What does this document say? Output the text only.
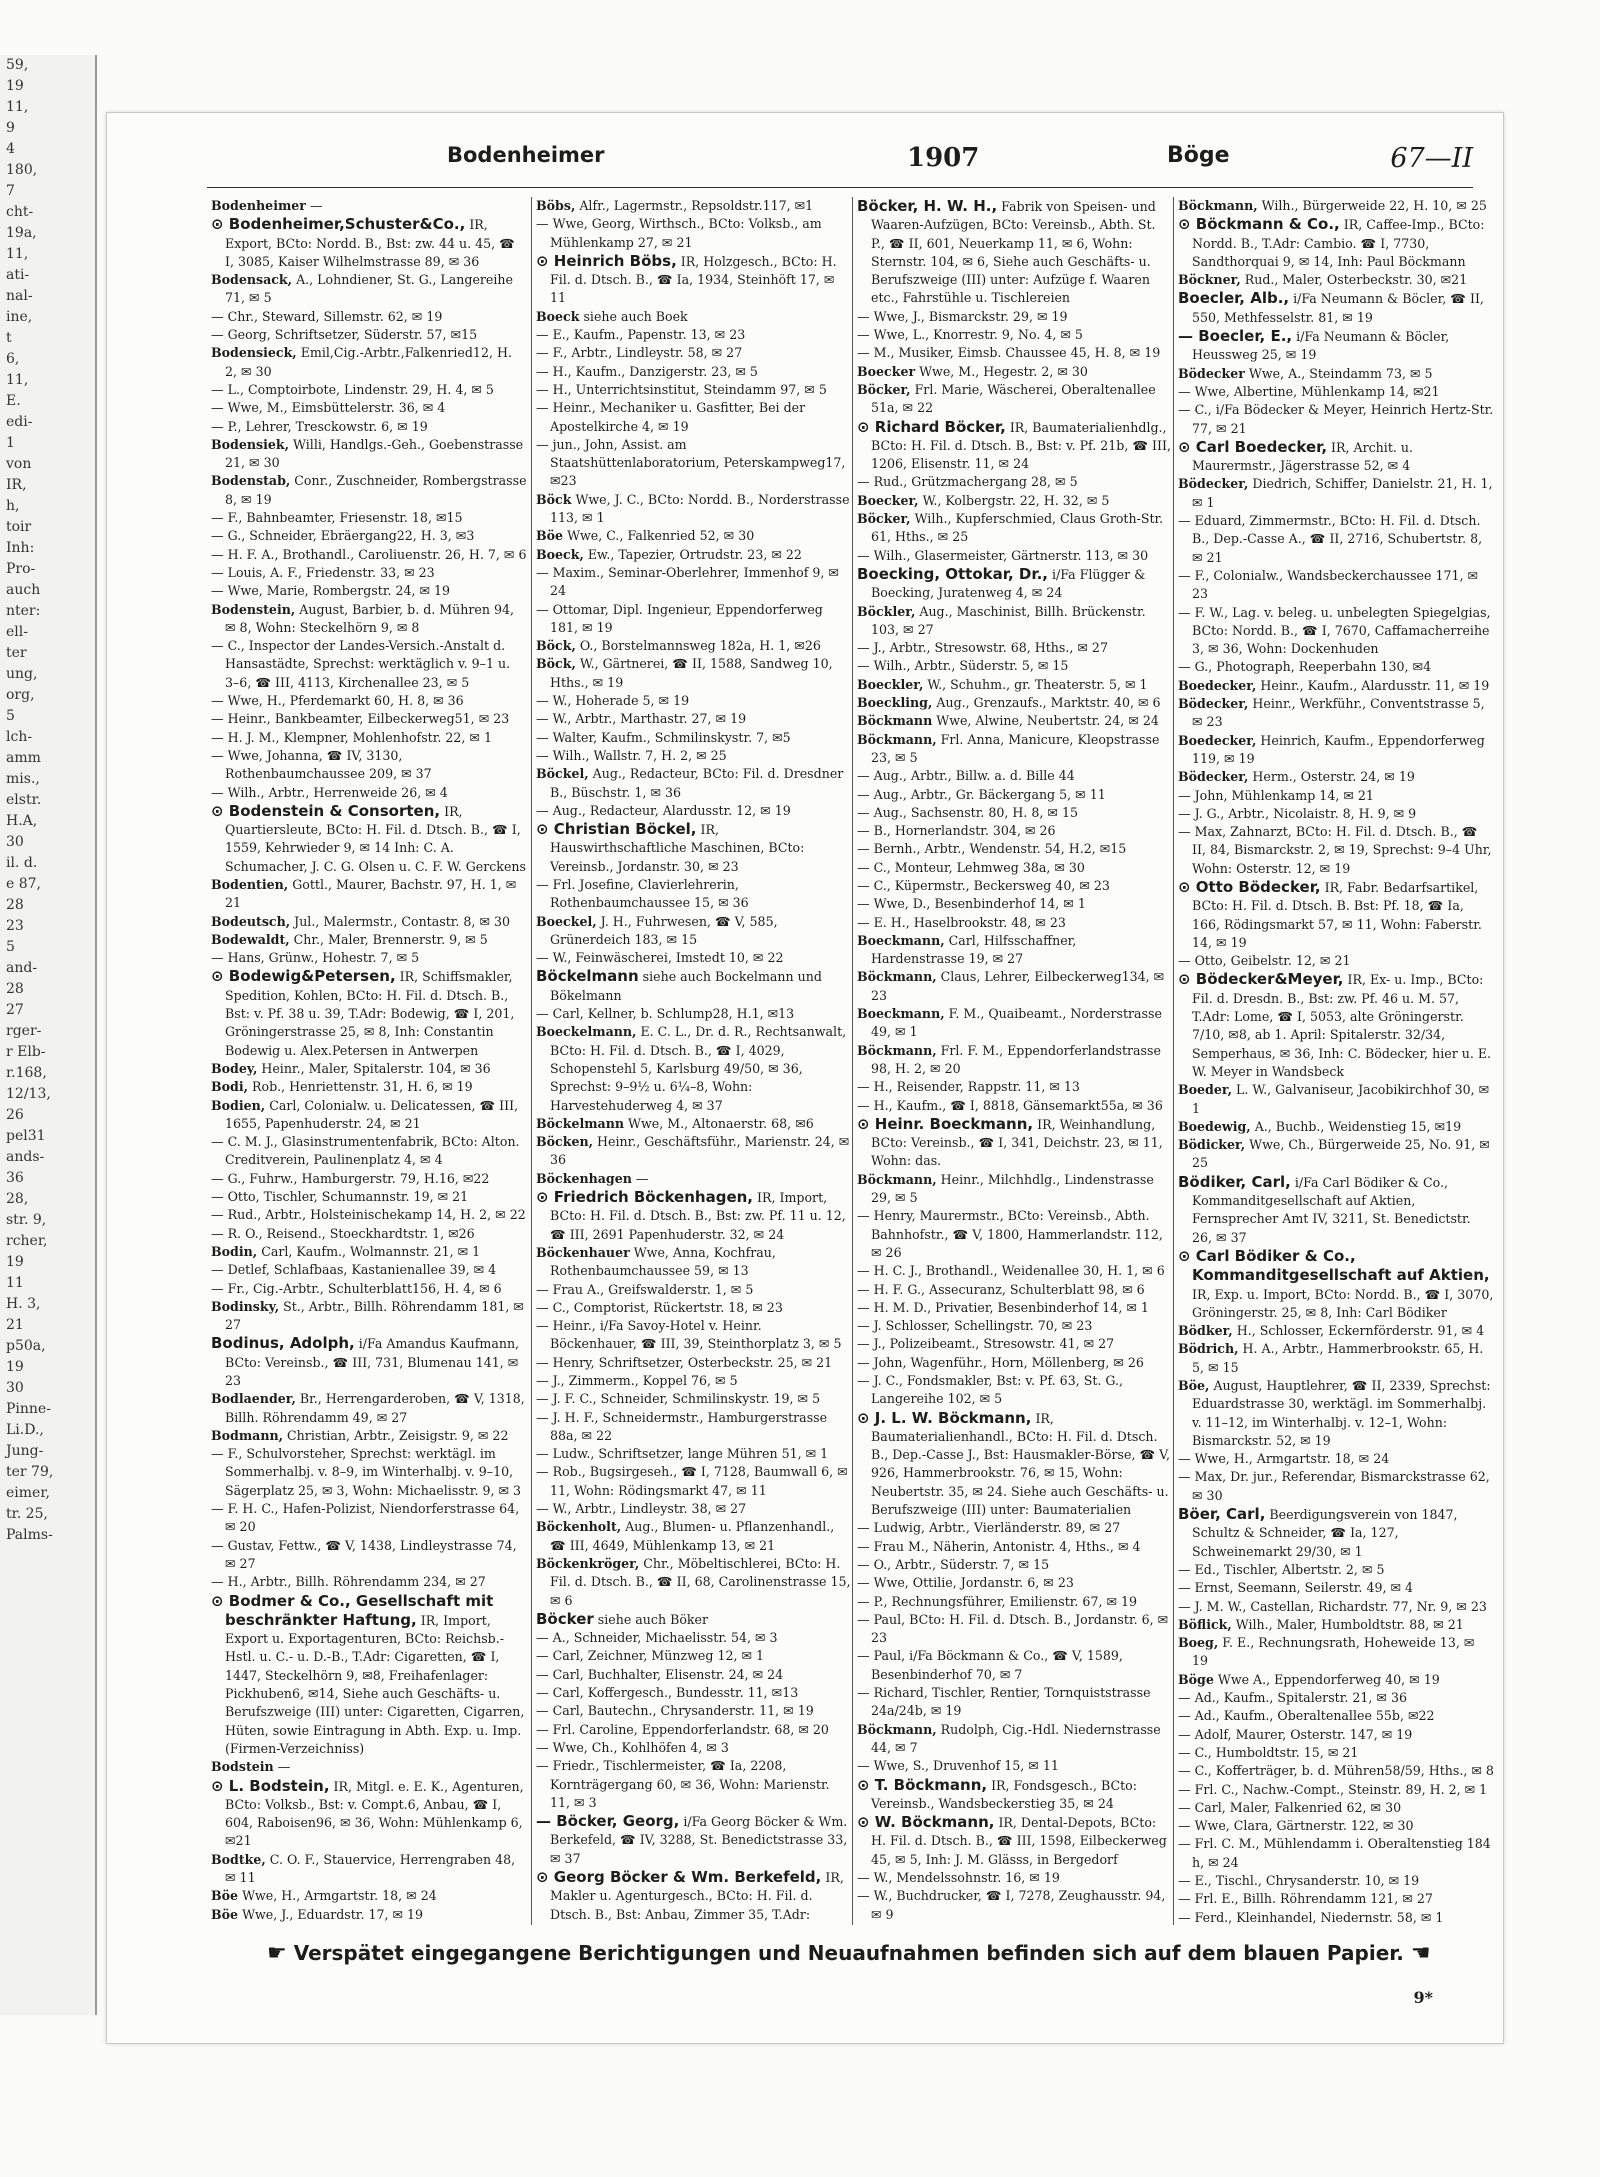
59,
19
11,
9
4
180,
7
cht-
19a,
11,
ati-
nal-
ine,
t
6,
11,
E.
edi-
1
von
IR,
h,
toir
Inh:
Pro-
auch
nter:
ell-
ter
ung,
org,
5
lch-
amm
mis.,
elstr.
H.A,
30
il. d.
e 87,
28
23
5
and-
28
27
rger-
r Elb-
r.168,
12/13,
26
pel31
ands-
36
28,
str. 9,
rcher,
19
11
H. 3,
21
p50a,
19
30
Pinne-
Li.D.,
Jung-
ter 79,
eimer,
tr. 25,
Palms-
Bodenheimer	1907	Böge	67—II
Bodenheimer —
⊙ Bodenheimer,Schuster&Co., IR, Export, BCto: Nordd. B., Bst: zw. 44 u. 45, ☎ I, 3085, Kaiser Wilhelmstrasse 89, ✉ 36
Bodensack, A., Lohndiener, St. G., Langereihe 71, ✉ 5
— Chr., Steward, Sillemstr. 62, ✉ 19
— Georg, Schriftsetzer, Süderstr. 57, ✉15
Bodensieck, Emil,Cig.-Arbtr.,Falkenried12, H. 2, ✉ 30
— L., Comptoirbote, Lindenstr. 29, H. 4, ✉ 5
— Wwe, M., Eimsbüttelerstr. 36, ✉ 4
— P., Lehrer, Tresckowstr. 6, ✉ 19
Bodensiek, Willi, Handlgs.-Geh., Goebenstrasse 21, ✉ 30
Bodenstab, Conr., Zuschneider, Rombergstrasse 8, ✉ 19
— F., Bahnbeamter, Friesenstr. 18, ✉15
— G., Schneider, Ebräergang22, H. 3, ✉3
— H. F. A., Brothandl., Caroliuenstr. 26, H. 7, ✉ 6
— Louis, A. F., Friedenstr. 33, ✉ 23
— Wwe, Marie, Rombergstr. 24, ✉ 19
Bodenstein, August, Barbier, b. d. Mühren 94, ✉ 8, Wohn: Steckelhörn 9, ✉ 8
— C., Inspector der Landes-Versich.-Anstalt d. Hansastädte, Sprechst: werktäglich v. 9–1 u. 3–6, ☎ III, 4113, Kirchenallee 23, ✉ 5
— Wwe, H., Pferdemarkt 60, H. 8, ✉ 36
— Heinr., Bankbeamter, Eilbeckerweg51, ✉ 23
— H. J. M., Klempner, Mohlenhofstr. 22, ✉ 1
— Wwe, Johanna, ☎ IV, 3130, Rothenbaumchaussee 209, ✉ 37
— Wilh., Arbtr., Herrenweide 26, ✉ 4
⊙ Bodenstein & Consorten, IR, Quartiersleute, BCto: H. Fil. d. Dtsch. B., ☎ I, 1559, Kehrwieder 9, ✉ 14 Inh: C. A. Schumacher, J. C. G. Olsen u. C. F. W. Gerckens
Bodentien, Gottl., Maurer, Bachstr. 97, H. 1, ✉ 21
Bodeutsch, Jul., Malermstr., Contastr. 8, ✉ 30
Bodewaldt, Chr., Maler, Brennerstr. 9, ✉ 5
— Hans, Grünw., Hohestr. 7, ✉ 5
⊙ Bodewig&Petersen, IR, Schiffsmakler, Spedition, Kohlen, BCto: H. Fil. d. Dtsch. B., Bst: v. Pf. 38 u. 39, T.Adr: Bodewig, ☎ I, 201, Gröningerstrasse 25, ✉ 8, Inh: Constantin Bodewig u. Alex.Petersen in Antwerpen
Bodey, Heinr., Maler, Spitalerstr. 104, ✉ 36
Bodi, Rob., Henriettenstr. 31, H. 6, ✉ 19
Bodien, Carl, Colonialw. u. Delicatessen, ☎ III, 1655, Papenhuderstr. 24, ✉ 21
— C. M. J., Glasinstrumentenfabrik, BCto: Alton. Creditverein, Paulinenplatz 4, ✉ 4
— G., Fuhrw., Hamburgerstr. 79, H.16, ✉22
— Otto, Tischler, Schumannstr. 19, ✉ 21
— Rud., Arbtr., Holsteinischekamp 14, H. 2, ✉ 22
— R. O., Reisend., Stoeckhardtstr. 1, ✉26
Bodin, Carl, Kaufm., Wolmannstr. 21, ✉ 1
— Detlef, Schlafbaas, Kastanienallee 39, ✉ 4
— Fr., Cig.-Arbtr., Schulterblatt156, H. 4, ✉ 6
Bodinsky, St., Arbtr., Billh. Röhrendamm 181, ✉ 27
Bodinus, Adolph, i/Fa Amandus Kaufmann, BCto: Vereinsb., ☎ III, 731, Blumenau 141, ✉ 23
Bodlaender, Br., Herrengarderoben, ☎ V, 1318, Billh. Röhrendamm 49, ✉ 27
Bodmann, Christian, Arbtr., Zeisigstr. 9, ✉ 22
— F., Schulvorsteher, Sprechst: werktägl. im Sommerhalbj. v. 8–9, im Winterhalbj. v. 9–10, Sägerplatz 25, ✉ 3, Wohn: Michaelisstr. 9, ✉ 3
— F. H. C., Hafen-Polizist, Niendorferstrasse 64, ✉ 20
— Gustav, Fettw., ☎ V, 1438, Lindleystrasse 74, ✉ 27
— H., Arbtr., Billh. Röhrendamm 234, ✉ 27
⊙ Bodmer & Co., Gesellschaft mit beschränkter Haftung, IR, Import, Export u. Exportagenturen, BCto: Reichsb.-Hstl. u. C.- u. D.-B., T.Adr: Cigaretten, ☎ I, 1447, Steckelhörn 9, ✉8, Freihafenlager: Pickhuben6, ✉14, Siehe auch Geschäfts- u. Berufszweige (III) unter: Cigaretten, Cigarren, Hüten, sowie Eintragung in Abth. Exp. u. Imp. (Firmen-Verzeichniss)
Bodstein —
⊙ L. Bodstein, IR, Mitgl. e. E. K., Agenturen, BCto: Volksb., Bst: v. Compt.6, Anbau, ☎ I, 604, Raboisen96, ✉ 36, Wohn: Mühlenkamp 6, ✉21
Bodtke, C. O. F., Stauervice, Herrengraben 48, ✉ 11
Böe Wwe, H., Armgartstr. 18, ✉ 24
Böe Wwe, J., Eduardstr. 17, ✉ 19
Böbs, Alfr., Lagermstr., Repsoldstr.117, ✉1
— Wwe, Georg, Wirthsch., BCto: Volksb., am Mühlenkamp 27, ✉ 21
⊙ Heinrich Böbs, IR, Holzgesch., BCto: H. Fil. d. Dtsch. B., ☎ Ia, 1934, Steinhöft 17, ✉ 11
Boeck siehe auch Boek
— E., Kaufm., Papenstr. 13, ✉ 23
— F., Arbtr., Lindleystr. 58, ✉ 27
— H., Kaufm., Danzigerstr. 23, ✉ 5
— H., Unterrichtsinstitut, Steindamm 97, ✉ 5
— Heinr., Mechaniker u. Gasfitter, Bei der Apostelkirche 4, ✉ 19
— jun., John, Assist. am Staatshüttenlaboratorium, Peterskampweg17, ✉23
Böck Wwe, J. C., BCto: Nordd. B., Norderstrasse 113, ✉ 1
Böe Wwe, C., Falkenried 52, ✉ 30
Boeck, Ew., Tapezier, Ortrudstr. 23, ✉ 22
— Maxim., Seminar-Oberlehrer, Immenhof 9, ✉ 24
— Ottomar, Dipl. Ingenieur, Eppendorferweg 181, ✉ 19
Böck, O., Borstelmannsweg 182a, H. 1, ✉26
Böck, W., Gärtnerei, ☎ II, 1588, Sandweg 10, Hths., ✉ 19
— W., Hoherade 5, ✉ 19
— W., Arbtr., Marthastr. 27, ✉ 19
— Walter, Kaufm., Schmilinskystr. 7, ✉5
— Wilh., Wallstr. 7, H. 2, ✉ 25
Böckel, Aug., Redacteur, BCto: Fil. d. Dresdner B., Büschstr. 1, ✉ 36
— Aug., Redacteur, Alardusstr. 12, ✉ 19
⊙ Christian Böckel, IR, Hauswirthschaftliche Maschinen, BCto: Vereinsb., Jordanstr. 30, ✉ 23
— Frl. Josefine, Clavierlehrerin, Rothenbaumchaussee 15, ✉ 36
Boeckel, J. H., Fuhrwesen, ☎ V, 585, Grünerdeich 183, ✉ 15
— W., Feinwäscherei, Imstedt 10, ✉ 22
Böckelmann siehe auch Bockelmann und Bökelmann
— Carl, Kellner, b. Schlump28, H.1, ✉13
Boeckelmann, E. C. L., Dr. d. R., Rechtsanwalt, BCto: H. Fil. d. Dtsch. B., ☎ I, 4029, Schopenstehl 5, Karlsburg 49/50, ✉ 36, Sprechst: 9–9½ u. 6¼–8, Wohn: Harvestehuderweg 4, ✉ 37
Böckelmann Wwe, M., Altonaerstr. 68, ✉6
Böcken, Heinr., Geschäftsführ., Marienstr. 24, ✉ 36
Böckenhagen —
⊙ Friedrich Böckenhagen, IR, Import, BCto: H. Fil. d. Dtsch. B., Bst: zw. Pf. 11 u. 12, ☎ III, 2691 Papenhuderstr. 32, ✉ 24
Böckenhauer Wwe, Anna, Kochfrau, Rothenbaumchaussee 59, ✉ 13
— Frau A., Greifswalderstr. 1, ✉ 5
— C., Comptorist, Rückertstr. 18, ✉ 23
— Heinr., i/Fa Savoy-Hotel v. Heinr. Böckenhauer, ☎ III, 39, Steinthorplatz 3, ✉ 5
— Henry, Schriftsetzer, Osterbeckstr. 25, ✉ 21
— J., Zimmerm., Koppel 76, ✉ 5
— J. F. C., Schneider, Schmilinskystr. 19, ✉ 5
— J. H. F., Schneidermstr., Hamburgerstrasse 88a, ✉ 22
— Ludw., Schriftsetzer, lange Mühren 51, ✉ 1
— Rob., Bugsirgeseh., ☎ I, 7128, Baumwall 6, ✉ 11, Wohn: Rödingsmarkt 47, ✉ 11
— W., Arbtr., Lindleystr. 38, ✉ 27
Böckenholt, Aug., Blumen- u. Pflanzenhandl., ☎ III, 4649, Mühlenkamp 13, ✉ 21
Böckenkröger, Chr., Möbeltischlerei, BCto: H. Fil. d. Dtsch. B., ☎ II, 68, Carolinenstrasse 15, ✉ 6
Böcker siehe auch Böker
— A., Schneider, Michaelisstr. 54, ✉ 3
— Carl, Zeichner, Münzweg 12, ✉ 1
— Carl, Buchhalter, Elisenstr. 24, ✉ 24
— Carl, Koffergesch., Bundesstr. 11, ✉13
— Carl, Bautechn., Chrysanderstr. 11, ✉ 19
— Frl. Caroline, Eppendorferlandstr. 68, ✉ 20
— Wwe, Ch., Kohlhöfen 4, ✉ 3
— Friedr., Tischlermeister, ☎ Ia, 2208, Kornträgergang 60, ✉ 36, Wohn: Marienstr. 11, ✉ 3
— Böcker, Georg, i/Fa Georg Böcker & Wm. Berkefeld, ☎ IV, 3288, St. Benedictstrasse 33, ✉ 37
⊙ Georg Böcker & Wm. Berkefeld, IR, Makler u. Agenturgesch., BCto: H. Fil. d. Dtsch. B., Bst: Anbau, Zimmer 35, T.Adr:
Böcker, H. W. H., Fabrik von Speisen- und Waaren-Aufzügen, BCto: Vereinsb., Abth. St. P., ☎ II, 601, Neuerkamp 11, ✉ 6, Wohn: Sternstr. 104, ✉ 6, Siehe auch Geschäfts- u. Berufszweige (III) unter: Aufzüge f. Waaren etc., Fahrstühle u. Tischlereien
— Wwe, J., Bismarckstr. 29, ✉ 19
— Wwe, L., Knorrestr. 9, No. 4, ✉ 5
— M., Musiker, Eimsb. Chaussee 45, H. 8, ✉ 19
Boecker Wwe, M., Hegestr. 2, ✉ 30
Böcker, Frl. Marie, Wäscherei, Oberaltenallee 51a, ✉ 22
⊙ Richard Böcker, IR, Baumaterialienhdlg., BCto: H. Fil. d. Dtsch. B., Bst: v. Pf. 21b, ☎ III, 1206, Elisenstr. 11, ✉ 24
— Rud., Grützmachergang 28, ✉ 5
Boecker, W., Kolbergstr. 22, H. 32, ✉ 5
Böcker, Wilh., Kupferschmied, Claus Groth-Str. 61, Hths., ✉ 25
— Wilh., Glasermeister, Gärtnerstr. 113, ✉ 30
Boecking, Ottokar, Dr., i/Fa Flügger & Boecking, Juratenweg 4, ✉ 24
Böckler, Aug., Maschinist, Billh. Brückenstr. 103, ✉ 27
— J., Arbtr., Stresowstr. 68, Hths., ✉ 27
— Wilh., Arbtr., Süderstr. 5, ✉ 15
Boeckler, W., Schuhm., gr. Theaterstr. 5, ✉ 1
Boeckling, Aug., Grenzaufs., Marktstr. 40, ✉ 6
Böckmann Wwe, Alwine, Neubertstr. 24, ✉ 24
Böckmann, Frl. Anna, Manicure, Kleopstrasse 23, ✉ 5
— Aug., Arbtr., Billw. a. d. Bille 44
— Aug., Arbtr., Gr. Bäckergang 5, ✉ 11
— Aug., Sachsenstr. 80, H. 8, ✉ 15
— B., Hornerlandstr. 304, ✉ 26
— Bernh., Arbtr., Wendenstr. 54, H.2, ✉15
— C., Monteur, Lehmweg 38a, ✉ 30
— C., Küpermstr., Beckersweg 40, ✉ 23
— Wwe, D., Besenbinderhof 14, ✉ 1
— E. H., Haselbrookstr. 48, ✉ 23
Boeckmann, Carl, Hilfsschaffner, Hardenstrasse 19, ✉ 27
Böckmann, Claus, Lehrer, Eilbeckerweg134, ✉ 23
Boeckmann, F. M., Quaibeamt., Norderstrasse 49, ✉ 1
Böckmann, Frl. F. M., Eppendorferlandstrasse 98, H. 2, ✉ 20
— H., Reisender, Rappstr. 11, ✉ 13
— H., Kaufm., ☎ I, 8818, Gänsemarkt55a, ✉ 36
⊙ Heinr. Boeckmann, IR, Weinhandlung, BCto: Vereinsb., ☎ I, 341, Deichstr. 23, ✉ 11, Wohn: das.
Böckmann, Heinr., Milchhdlg., Lindenstrasse 29, ✉ 5
— Henry, Maurermstr., BCto: Vereinsb., Abth. Bahnhofstr., ☎ V, 1800, Hammerlandstr. 112, ✉ 26
— H. C. J., Brothandl., Weidenallee 30, H. 1, ✉ 6
— H. F. G., Assecuranz, Schulterblatt 98, ✉ 6
— H. M. D., Privatier, Besenbinderhof 14, ✉ 1
— J. Schlosser, Schellingstr. 70, ✉ 23
— J., Polizeibeamt., Stresowstr. 41, ✉ 27
— John, Wagenführ., Horn, Möllenberg, ✉ 26
— J. C., Fondsmakler, Bst: v. Pf. 63, St. G., Langereihe 102, ✉ 5
⊙ J. L. W. Böckmann, IR, Baumaterialienhandl., BCto: H. Fil. d. Dtsch. B., Dep.-Casse J., Bst: Hausmakler-Börse, ☎ V, 926, Hammerbrookstr. 76, ✉ 15, Wohn: Neubertstr. 35, ✉ 24. Siehe auch Geschäfts- u. Berufszweige (III) unter: Baumaterialien
— Ludwig, Arbtr., Vierländerstr. 89, ✉ 27
— Frau M., Näherin, Antonistr. 4, Hths., ✉ 4
— O., Arbtr., Süderstr. 7, ✉ 15
— Wwe, Ottilie, Jordanstr. 6, ✉ 23
— P., Rechnungsführer, Emilienstr. 67, ✉ 19
— Paul, BCto: H. Fil. d. Dtsch. B., Jordanstr. 6, ✉ 23
— Paul, i/Fa Böckmann & Co., ☎ V, 1589, Besenbinderhof 70, ✉ 7
— Richard, Tischler, Rentier, Tornquiststrasse 24a/24b, ✉ 19
Böckmann, Rudolph, Cig.-Hdl. Niedernstrasse 44, ✉ 7
— Wwe, S., Druvenhof 15, ✉ 11
⊙ T. Böckmann, IR, Fondsgesch., BCto: Vereinsb., Wandsbeckerstieg 35, ✉ 24
⊙ W. Böckmann, IR, Dental-Depots, BCto: H. Fil. d. Dtsch. B., ☎ III, 1598, Eilbeckerweg 45, ✉ 5, Inh: J. M. Glässs, in Bergedorf
— W., Mendelssohnstr. 16, ✉ 19
— W., Buchdrucker, ☎ I, 7278, Zeughausstr. 94, ✉ 9
Böckmann, Wilh., Bürgerweide 22, H. 10, ✉ 25
⊙ Böckmann & Co., IR, Caffee-Imp., BCto: Nordd. B., T.Adr: Cambio. ☎ I, 7730, Sandthorquai 9, ✉ 14, Inh: Paul Böckmann
Böckner, Rud., Maler, Osterbeckstr. 30, ✉21
Boecler, Alb., i/Fa Neumann & Böcler, ☎ II, 550, Methfesselstr. 81, ✉ 19
— Boecler, E., i/Fa Neumann & Böcler, Heussweg 25, ✉ 19
Bödecker Wwe, A., Steindamm 73, ✉ 5
— Wwe, Albertine, Mühlenkamp 14, ✉21
— C., i/Fa Bödecker & Meyer, Heinrich Hertz-Str. 77, ✉ 21
⊙ Carl Boedecker, IR, Archit. u. Maurermstr., Jägerstrasse 52, ✉ 4
Bödecker, Diedrich, Schiffer, Danielstr. 21, H. 1, ✉ 1
— Eduard, Zimmermstr., BCto: H. Fil. d. Dtsch. B., Dep.-Casse A., ☎ II, 2716, Schubertstr. 8, ✉ 21
— F., Colonialw., Wandsbeckerchaussee 171, ✉ 23
— F. W., Lag. v. beleg. u. unbelegten Spiegelgias, BCto: Nordd. B., ☎ I, 7670, Caffamacherreihe 3, ✉ 36, Wohn: Dockenhuden
— G., Photograph, Reeperbahn 130, ✉4
Boedecker, Heinr., Kaufm., Alardusstr. 11, ✉ 19
Bödecker, Heinr., Werkführ., Conventstrasse 5, ✉ 23
Boedecker, Heinrich, Kaufm., Eppendorferweg 119, ✉ 19
Bödecker, Herm., Osterstr. 24, ✉ 19
— John, Mühlenkamp 14, ✉ 21
— J. G., Arbtr., Nicolaistr. 8, H. 9, ✉ 9
— Max, Zahnarzt, BCto: H. Fil. d. Dtsch. B., ☎ II, 84, Bismarckstr. 2, ✉ 19, Sprechst: 9–4 Uhr, Wohn: Osterstr. 12, ✉ 19
⊙ Otto Bödecker, IR, Fabr. Bedarfsartikel, BCto: H. Fil. d. Dtsch. B. Bst: Pf. 18, ☎ Ia, 166, Rödingsmarkt 57, ✉ 11, Wohn: Faberstr. 14, ✉ 19
— Otto, Geibelstr. 12, ✉ 21
⊙ Bödecker&Meyer, IR, Ex- u. Imp., BCto: Fil. d. Dresdn. B., Bst: zw. Pf. 46 u. M. 57, T.Adr: Lome, ☎ I, 5053, alte Gröningerstr. 7/10, ✉8, ab 1. April: Spitalerstr. 32/34, Semperhaus, ✉ 36, Inh: C. Bödecker, hier u. E. W. Meyer in Wandsbeck
Boeder, L. W., Galvaniseur, Jacobikirchhof 30, ✉ 1
Boedewig, A., Buchb., Weidenstieg 15, ✉19
Bödicker, Wwe, Ch., Bürgerweide 25, No. 91, ✉ 25
Bödiker, Carl, i/Fa Carl Bödiker & Co., Kommanditgesellschaft auf Aktien, Fernsprecher Amt IV, 3211, St. Benedictstr. 26, ✉ 37
⊙ Carl Bödiker & Co., Kommanditgesellschaft auf Aktien, IR, Exp. u. Import, BCto: Nordd. B., ☎ I, 3070, Gröningerstr. 25, ✉ 8, Inh: Carl Bödiker
Bödker, H., Schlosser, Eckernförderstr. 91, ✉ 4
Bödrich, H. A., Arbtr., Hammerbrookstr. 65, H. 5, ✉ 15
Böe, August, Hauptlehrer, ☎ II, 2339, Sprechst: Eduardstrasse 30, werktägl. im Sommerhalbj. v. 11–12, im Winterhalbj. v. 12–1, Wohn: Bismarckstr. 52, ✉ 19
— Wwe, H., Armgartstr. 18, ✉ 24
— Max, Dr. jur., Referendar, Bismarckstrasse 62, ✉ 30
Böer, Carl, Beerdigungsverein von 1847, Schultz & Schneider, ☎ Ia, 127, Schweinemarkt 29/30, ✉ 1
— Ed., Tischler, Albertstr. 2, ✉ 5
— Ernst, Seemann, Seilerstr. 49, ✉ 4
— J. M. W., Castellan, Richardstr. 77, Nr. 9, ✉ 23
Böflick, Wilh., Maler, Humboldtstr. 88, ✉ 21
Boeg, F. E., Rechnungsrath, Hoheweide 13, ✉ 19
Böge Wwe A., Eppendorferweg 40, ✉ 19
— Ad., Kaufm., Spitalerstr. 21, ✉ 36
— Ad., Kaufm., Oberaltenallee 55b, ✉22
— Adolf, Maurer, Osterstr. 147, ✉ 19
— C., Humboldtstr. 15, ✉ 21
— C., Kofferträger, b. d. Mühren58/59, Hths., ✉ 8
— Frl. C., Nachw.-Compt., Steinstr. 89, H. 2, ✉ 1
— Carl, Maler, Falkenried 62, ✉ 30
— Wwe, Clara, Gärtnerstr. 122, ✉ 30
— Frl. C. M., Mühlendamm i. Oberaltenstieg 184 h, ✉ 24
— E., Tischl., Chrysanderstr. 10, ✉ 19
— Frl. E., Billh. Röhrendamm 121, ✉ 27
— Ferd., Kleinhandel, Niedernstr. 58, ✉ 1
☛ Verspätet eingegangene Berichtigungen und Neuaufnahmen befinden sich auf dem blauen Papier. ☚
9*
